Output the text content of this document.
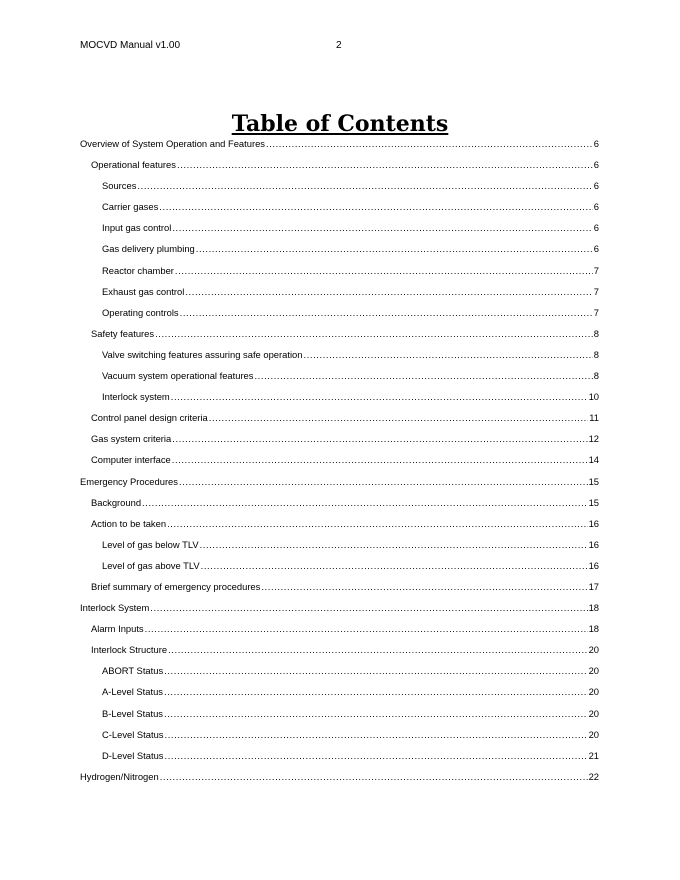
MOCVD Manual v1.00	2
Table of Contents
Overview of System Operation and Features .....	6
Operational features .....	6
Sources .....	6
Carrier gases .....	6
Input gas control .....	6
Gas delivery plumbing .....	6
Reactor chamber .....	7
Exhaust gas control .....	7
Operating controls .....	7
Safety features .....	8
Valve switching features assuring safe operation .....	8
Vacuum system operational features .....	8
Interlock system .....	10
Control panel design criteria .....	11
Gas system criteria .....	12
Computer interface .....	14
Emergency Procedures .....	15
Background .....	15
Action to be taken .....	16
Level of gas below TLV .....	16
Level of gas above TLV .....	16
Brief summary of emergency procedures .....	17
Interlock System .....	18
Alarm Inputs .....	18
Interlock Structure .....	20
ABORT Status .....	20
A-Level Status .....	20
B-Level Status .....	20
C-Level Status .....	20
D-Level Status .....	21
Hydrogen/Nitrogen .....	22
